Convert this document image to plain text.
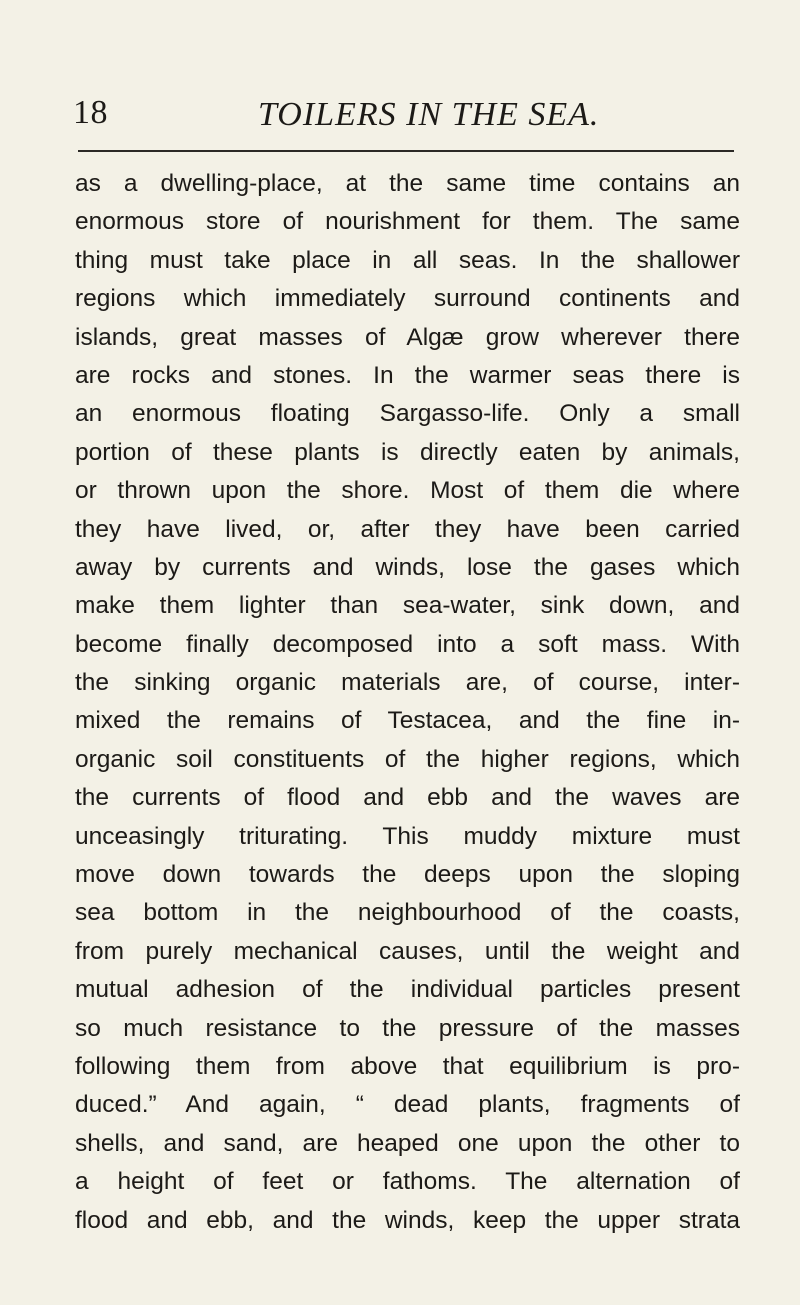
18	TOILERS IN THE SEA.
as a dwelling-place, at the same time contains an
enormous store of nourishment for them. The same
thing must take place in all seas. In the shallower
regions which immediately surround continents and
islands, great masses of Algæ grow wherever there
are rocks and stones. In the warmer seas there is
an enormous floating Sargasso-life. Only a small
portion of these plants is directly eaten by animals,
or thrown upon the shore. Most of them die where
they have lived, or, after they have been carried
away by currents and winds, lose the gases which
make them lighter than sea-water, sink down, and
become finally decomposed into a soft mass. With
the sinking organic materials are, of course, inter-
mixed the remains of Testacea, and the fine in-
organic soil constituents of the higher regions, which
the currents of flood and ebb and the waves are
unceasingly triturating. This muddy mixture must
move down towards the deeps upon the sloping
sea bottom in the neighbourhood of the coasts,
from purely mechanical causes, until the weight and
mutual adhesion of the individual particles present
so much resistance to the pressure of the masses
following them from above that equilibrium is pro-
duced.” And again, “ dead plants, fragments of
shells, and sand, are heaped one upon the other to
a height of feet or fathoms. The alternation of
flood and ebb, and the winds, keep the upper strata
